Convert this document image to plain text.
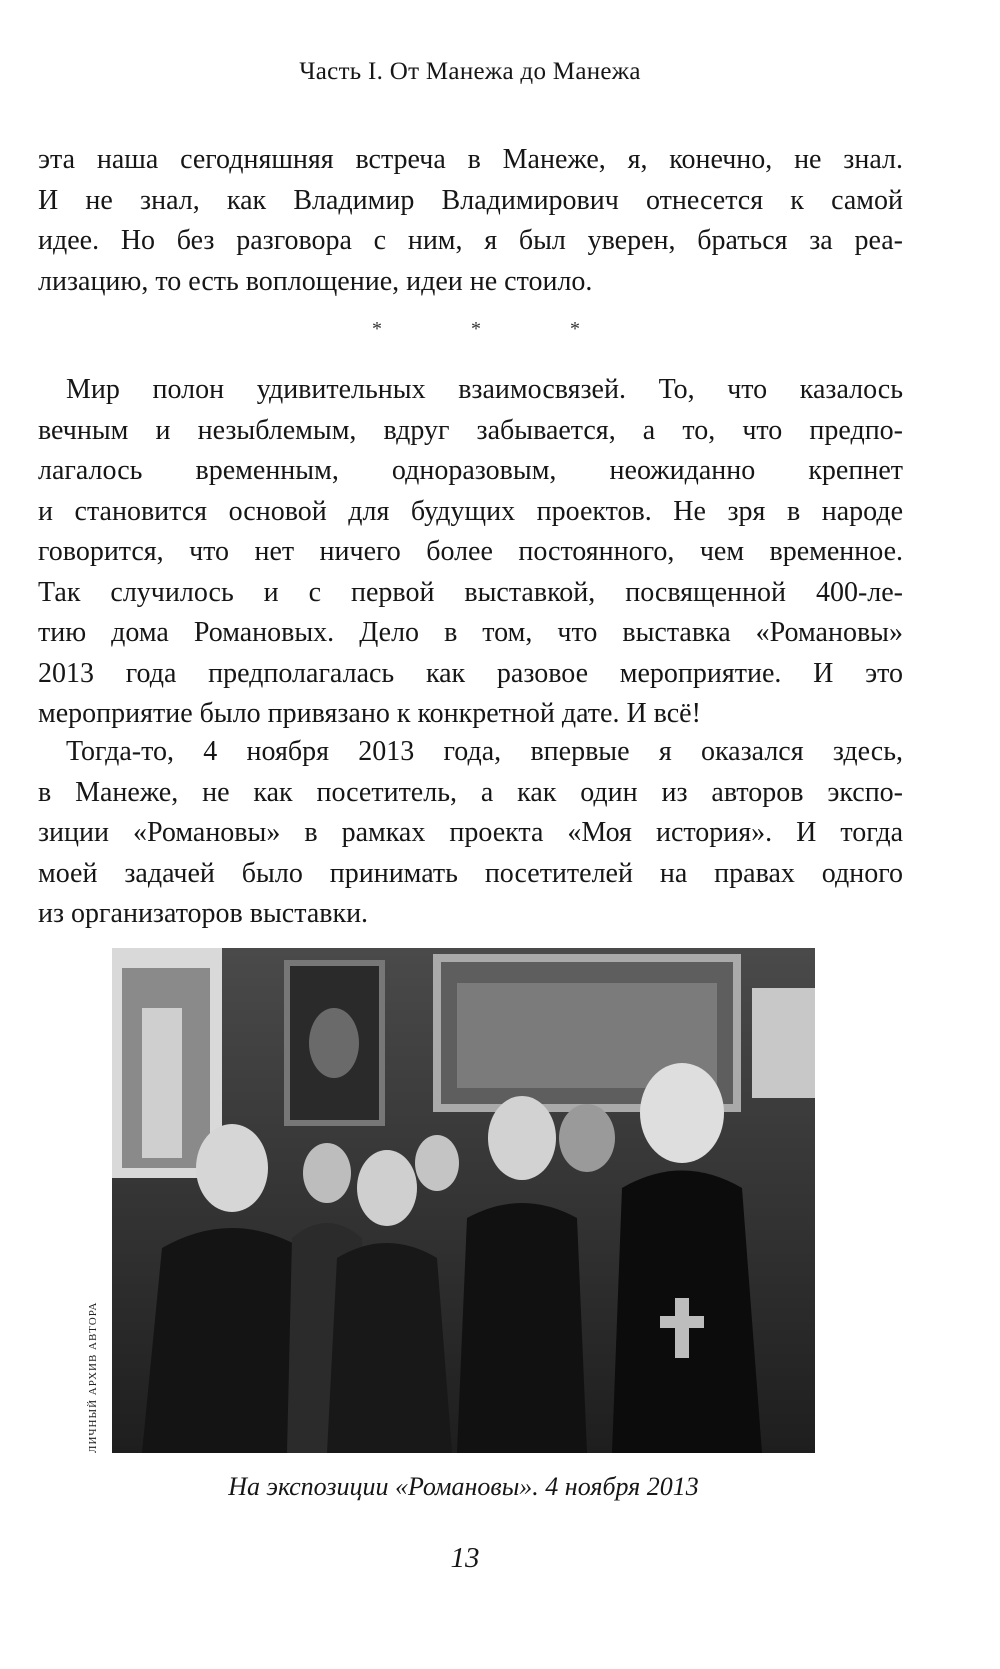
Часть I. От Манежа до Манежа
эта наша сегодняшняя встреча в Манеже, я, конечно, не знал.
И не знал, как Владимир Владимирович отнесется к самой
идее. Но без разговора с ним, я был уверен, браться за реа-
лизацию, то есть воплощение, идеи не стоило.
*	*	*
Мир полон удивительных взаимосвязей. То, что казалось
вечным и незыблемым, вдруг забывается, а то, что предпо-
лагалось временным, одноразовым, неожиданно крепнет
и становится основой для будущих проектов. Не зря в народе
говорится, что нет ничего более постоянного, чем временное.
Так случилось и с первой выставкой, посвященной 400-ле-
тию дома Романовых. Дело в том, что выставка «Романовы»
2013 года предполагалась как разовое мероприятие. И это
мероприятие было привязано к конкретной дате. И всё!
Тогда-то, 4 ноября 2013 года, впервые я оказался здесь,
в Манеже, не как посетитель, а как один из авторов экспо-
зиции «Романовы» в рамках проекта «Моя история». И тогда
моей задачей было принимать посетителей на правах одного
из организаторов выставки.
ЛИЧНЫЙ АРХИВ АВТОРА
На экспозиции «Романовы». 4 ноября 2013
13
